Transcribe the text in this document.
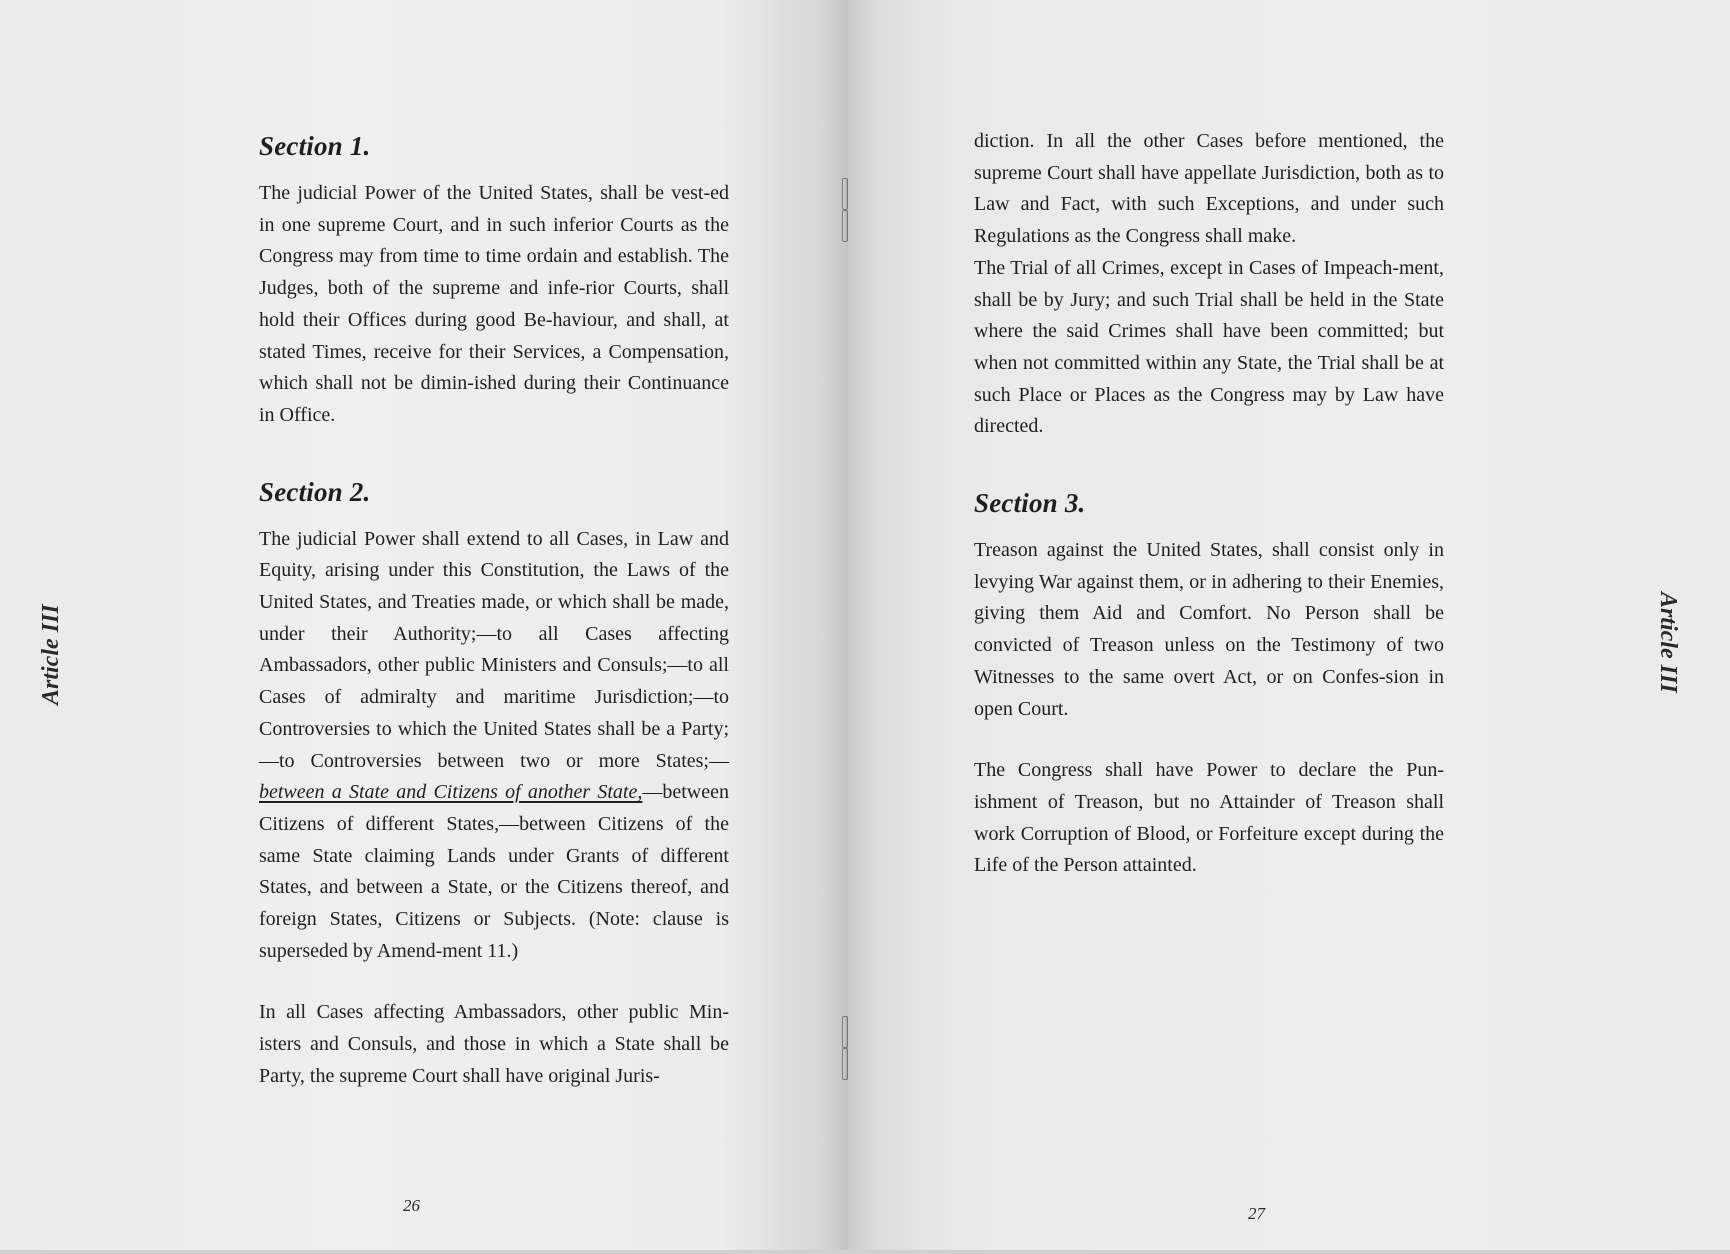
Article III
Section 1.

The judicial Power of the United States, shall be vest-ed in one supreme Court, and in such inferior Courts as the Congress may from time to time ordain and establish. The Judges, both of the supreme and infe-rior Courts, shall hold their Offices during good Be-haviour, and shall, at stated Times, receive for their Services, a Compensation, which shall not be dimin-ished during their Continuance in Office.

Section 2.

The judicial Power shall extend to all Cases, in Law and Equity, arising under this Constitution, the Laws of the United States, and Treaties made, or which shall be made, under their Authority;—to all Cases affecting Ambassadors, other public Ministers and Consuls;—to all Cases of admiralty and maritime Jurisdiction;—to Controversies to which the United States shall be a Party;—to Controversies between two or more States;— between a State and Citizens of another State,—between Citizens of different States,—between Citizens of the same State claiming Lands under Grants of different States, and between a State, or the Citizens thereof, and foreign States, Citizens or Subjects. (Note: clause is superseded by Amend-ment 11.)

In all Cases affecting Ambassadors, other public Min-isters and Consuls, and those in which a State shall be Party, the supreme Court shall have original Juris-

26
Article III

diction. In all the other Cases before mentioned, the supreme Court shall have appellate Jurisdiction, both as to Law and Fact, with such Exceptions, and under such Regulations as the Congress shall make.

The Trial of all Crimes, except in Cases of Impeach-ment, shall be by Jury; and such Trial shall be held in the State where the said Crimes shall have been committed; but when not committed within any State, the Trial shall be at such Place or Places as the Congress may by Law have directed.

Section 3.

Treason against the United States, shall consist only in levying War against them, or in adhering to their Enemies, giving them Aid and Comfort. No Person shall be convicted of Treason unless on the Testimony of two Witnesses to the same overt Act, or on Confes-sion in open Court.

The Congress shall have Power to declare the Pun-ishment of Treason, but no Attainder of Treason shall work Corruption of Blood, or Forfeiture except during the Life of the Person attainted.

27
